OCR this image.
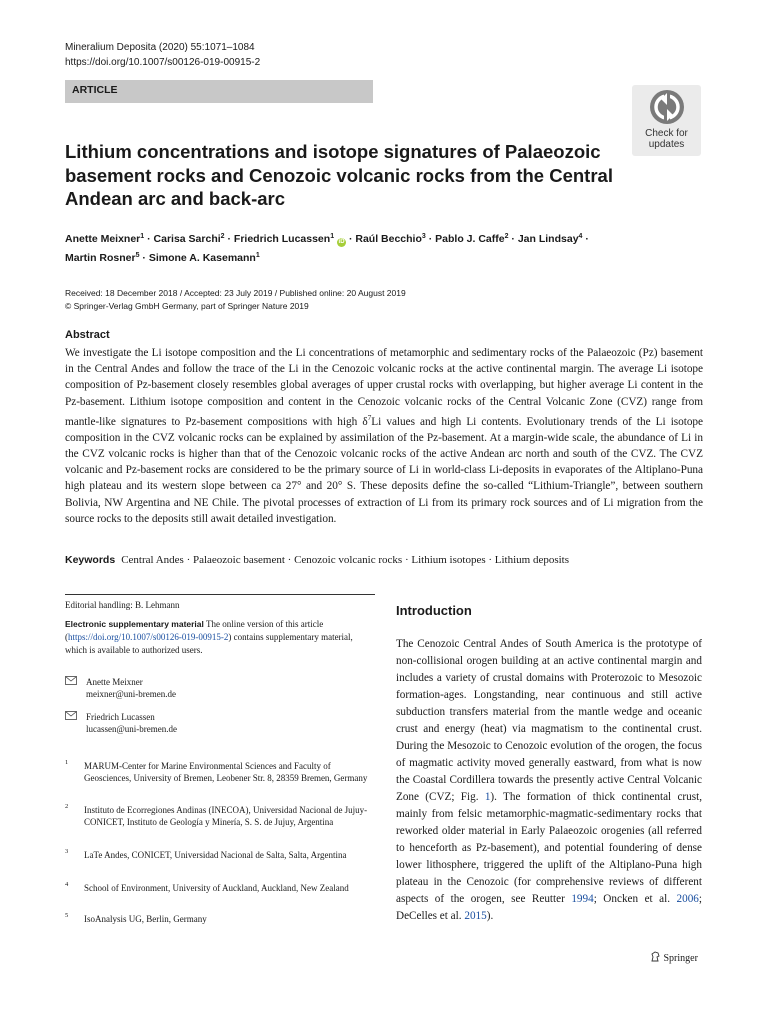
Mineralium Deposita (2020) 55:1071–1084
https://doi.org/10.1007/s00126-019-00915-2
ARTICLE
Check for
updates
Lithium concentrations and isotope signatures of Palaeozoic basement rocks and Cenozoic volcanic rocks from the Central Andean arc and back-arc
Anette Meixner$^1$ · Carisa Sarchi$^2$ · Friedrich Lucassen$^1$ iD · Raúl Becchio$^3$ · Pablo J. Caffe$^2$ · Jan Lindsay$^4$ ·
Martin Rosner$^5$ · Simone A. Kasemann$^1$
Received: 18 December 2018 / Accepted: 23 July 2019 / Published online: 20 August 2019
© Springer-Verlag GmbH Germany, part of Springer Nature 2019
Abstract
We investigate the Li isotope composition and the Li concentrations of metamorphic and sedimentary rocks of the Palaeozoic (Pz) basement in the Central Andes and follow the trace of the Li in the Cenozoic volcanic rocks at the active continental margin. The average Li isotope composition of Pz-basement closely resembles global averages of upper crustal rocks with overlapping, but higher average Li content in the Pz-basement. Lithium isotope composition and content in the Cenozoic volcanic rocks of the Central Volcanic Zone (CVZ) range from mantle-like signatures to Pz-basement compositions with high $\delta^7Li$ values and high Li contents. Evolutionary trends of the Li isotope composition in the CVZ volcanic rocks can be explained by assimilation of the Pz-basement. At a margin-wide scale, the abundance of Li in the CVZ volcanic rocks is higher than that of the Cenozoic volcanic rocks of the active Andean arc north and south of the CVZ. The CVZ volcanic and Pz-basement rocks are considered to be the primary source of Li in world-class Li-deposits in evaporates of the Altiplano-Puna high plateau and its western slope between ca 27° and 20° S. These deposits define the so-called “Lithium-Triangle”, between southern Bolivia, NW Argentina and NE Chile. The pivotal processes of extraction of Li from its primary rock sources and of Li migration from the source rocks to the deposits still await detailed investigation.
Keywords Central Andes · Palaeozoic basement · Cenozoic volcanic rocks · Lithium isotopes · Lithium deposits
Editorial handling: B. Lehmann
Electronic supplementary material The online version of this article (https://doi.org/10.1007/s00126-019-00915-2) contains supplementary material, which is available to authorized users.
Anette Meixner
meixner@uni-bremen.de
Friedrich Lucassen
lucassen@uni-bremen.de
1 MARUM-Center for Marine Environmental Sciences and Faculty of Geosciences, University of Bremen, Leobener Str. 8, 28359 Bremen, Germany
2 Instituto de Ecorregiones Andinas (INECOA), Universidad Nacional de Jujuy-CONICET, Instituto de Geología y Minería, S. S. de Jujuy, Argentina
3 LaTe Andes, CONICET, Universidad Nacional de Salta, Salta, Argentina
4 School of Environment, University of Auckland, Auckland, New Zealand
5 IsoAnalysis UG, Berlin, Germany
Introduction
The Cenozoic Central Andes of South America is the prototype of non-collisional orogen building at an active continental margin and includes a variety of crustal domains with Proterozoic to Mesozoic formation-ages. Longstanding, near continuous and still active subduction transfers material from the mantle wedge and oceanic crust and energy (heat) via magmatism to the continental crust. During the Mesozoic to Cenozoic evolution of the orogen, the focus of magmatic activity moved generally eastward, from what is now the Coastal Cordillera towards the presently active Central Volcanic Zone (CVZ; Fig. 1). The formation of thick continental crust, mainly from felsic metamorphic-magmatic-sedimentary rocks that reworked older material in Early Palaeozoic orogenies (all referred to henceforth as Pz-basement), and potential foundering of dense lower lithosphere, triggered the uplift of the Altiplano-Puna high plateau in the Cenozoic (for comprehensive reviews of different aspects of the orogen, see Reutter 1994; Oncken et al. 2006; DeCelles et al. 2015).
Springer
